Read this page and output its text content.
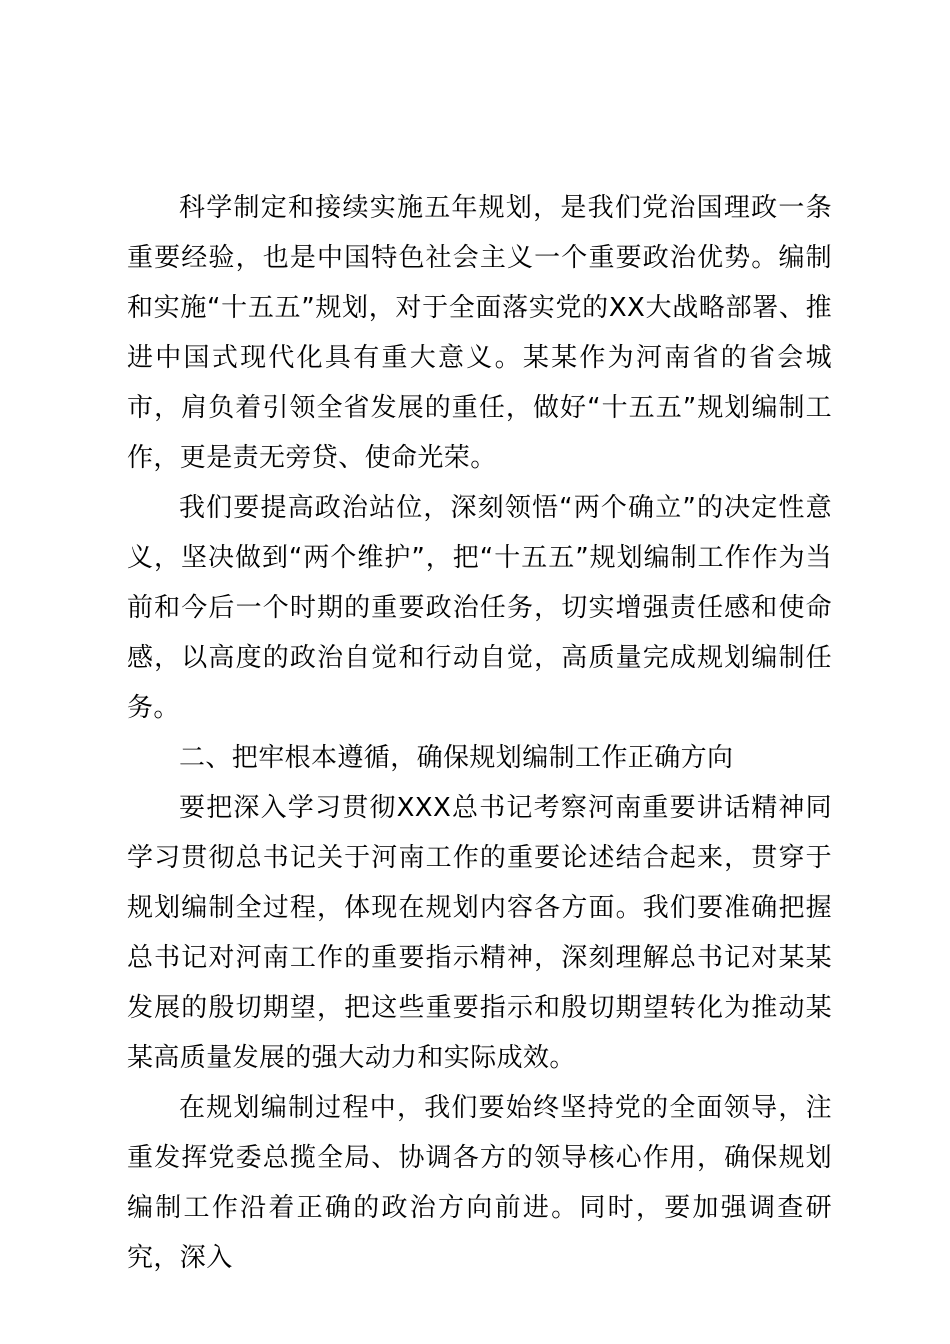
科学制定和接续实施五年规划，是我们党治国理政一条重要经验，也是中国特色社会主义一个重要政治优势。编制和实施“十五五”规划，对于全面落实党的XX大战略部署、推进中国式现代化具有重大意义。某某作为河南省的省会城市，肩负着引领全省发展的重任，做好“十五五”规划编制工作，更是责无旁贷、使命光荣。

我们要提高政治站位，深刻领悟“两个确立”的决定性意义，坚决做到“两个维护”，把“十五五”规划编制工作作为当前和今后一个时期的重要政治任务，切实增强责任感和使命感，以高度的政治自觉和行动自觉，高质量完成规划编制任务。

二、把牢根本遵循，确保规划编制工作正确方向

要把深入学习贯彻XXX总书记考察河南重要讲话精神同学习贯彻总书记关于河南工作的重要论述结合起来，贯穿于规划编制全过程，体现在规划内容各方面。我们要准确把握总书记对河南工作的重要指示精神，深刻理解总书记对某某发展的殷切期望，把这些重要指示和殷切期望转化为推动某某高质量发展的强大动力和实际成效。

在规划编制过程中，我们要始终坚持党的全面领导，注重发挥党委总揽全局、协调各方的领导核心作用，确保规划编制工作沿着正确的政治方向前进。同时，要加强调查研究，深入
